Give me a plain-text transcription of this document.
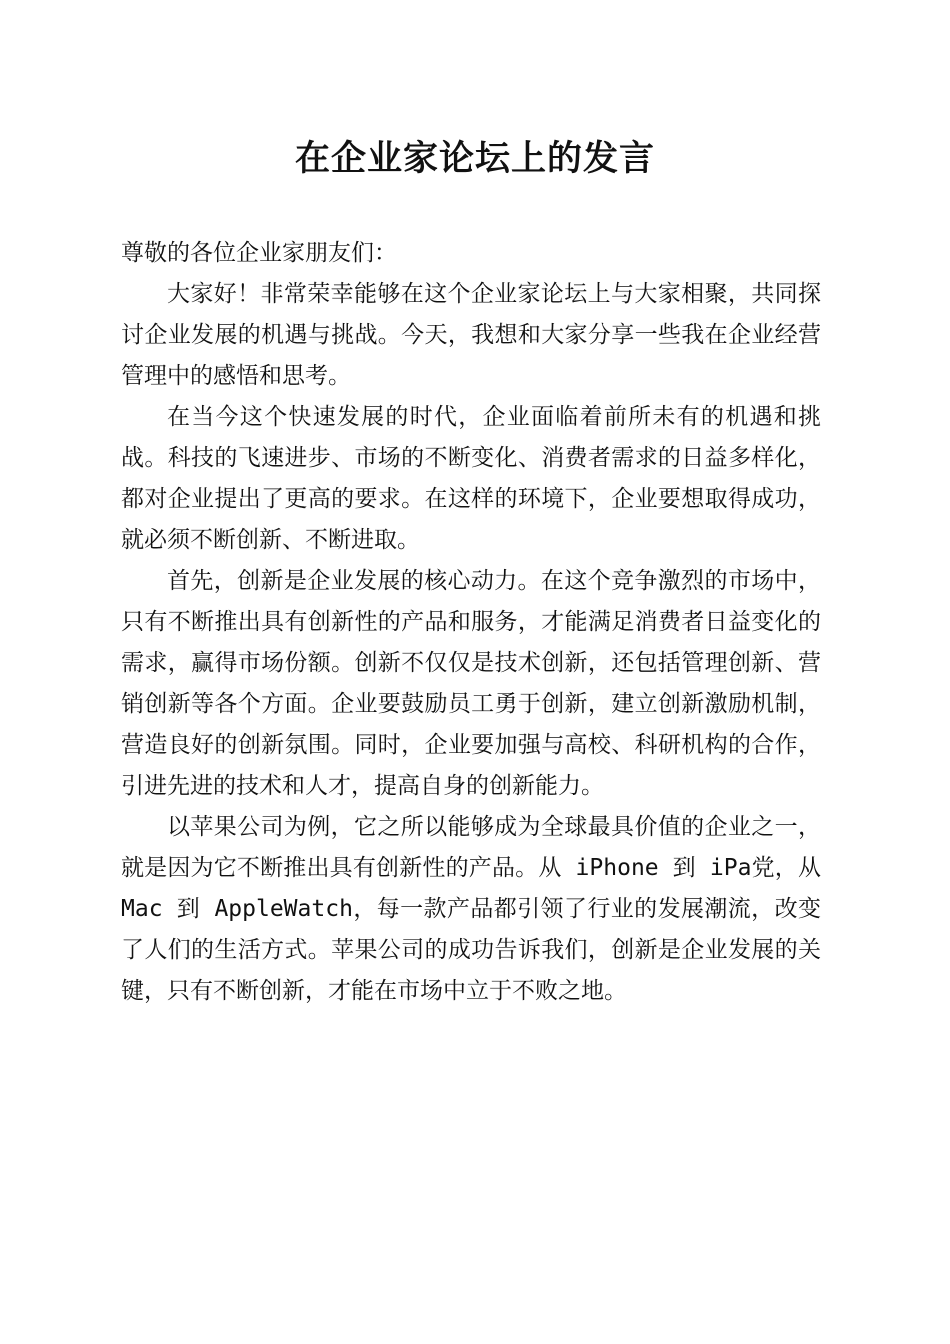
在企业家论坛上的发言

尊敬的各位企业家朋友们：

大家好！非常荣幸能够在这个企业家论坛上与大家相聚，共同探讨企业发展的机遇与挑战。今天，我想和大家分享一些我在企业经营管理中的感悟和思考。

在当今这个快速发展的时代，企业面临着前所未有的机遇和挑战。科技的飞速进步、市场的不断变化、消费者需求的日益多样化，都对企业提出了更高的要求。在这样的环境下，企业要想取得成功，就必须不断创新、不断进取。

首先，创新是企业发展的核心动力。在这个竞争激烈的市场中，只有不断推出具有创新性的产品和服务，才能满足消费者日益变化的需求，赢得市场份额。创新不仅仅是技术创新，还包括管理创新、营销创新等各个方面。企业要鼓励员工勇于创新，建立创新激励机制，营造良好的创新氛围。同时，企业要加强与高校、科研机构的合作，引进先进的技术和人才，提高自身的创新能力。

以苹果公司为例，它之所以能够成为全球最具价值的企业之一，就是因为它不断推出具有创新性的产品。从 iPhone 到 iPa党，从 Mac 到 AppleWatch，每一款产品都引领了行业的发展潮流，改变了人们的生活方式。苹果公司的成功告诉我们，创新是企业发展的关键，只有不断创新，才能在市场中立于不败之地。
